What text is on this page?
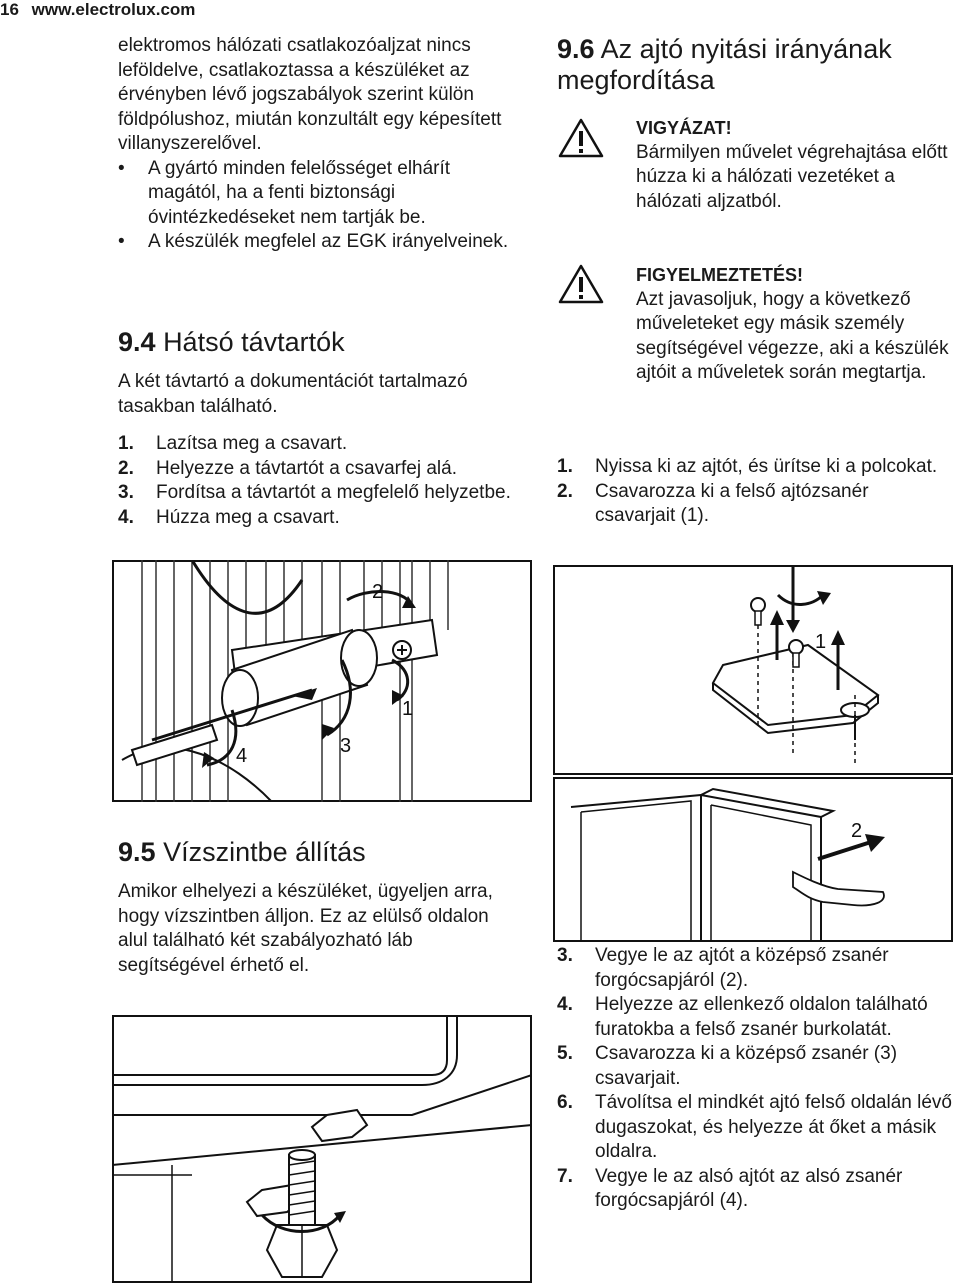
16 www.electrolux.com

elektromos hálózati csatlakozóaljzat nincs leföldelve, csatlakoztassa a készüléket az érvényben lévő jogszabályok szerint külön földpólushoz, miután konzultált egy képesített villanyszerelővel.

• A gyártó minden felelősséget elhárít magától, ha a fenti biztonsági óvintézkedéseket nem tartják be.
• A készülék megfelel az EGK irányelveinek.
9.4 Hátsó távtartók

A két távtartó a dokumentációt tartalmazó tasakban található.

1. Lazítsa meg a csavart.
2. Helyezze a távtartót a csavarfej alá.
3. Fordítsa a távtartót a megfelelő helyzetbe.
4. Húzza meg a csavart.
2
1
3
4
9.5 Vízszintbe állítás

Amikor elhelyezi a készüléket, ügyeljen arra, hogy vízszintben álljon. Ez az elülső oldalon alul található két szabályozható láb segítségével érhető el.

9.6 Az ajtó nyitási irányának megfordítása
VIGYÁZAT!
Bármilyen művelet végrehajtása előtt húzza ki a hálózati vezetéket a hálózati aljzatból.
FIGYELMEZTETÉS!
Azt javasoljuk, hogy a következő műveleteket egy másik személy segítségével végezze, aki a készülék ajtóit a műveletek során megtartja.
1. Nyissa ki az ajtót, és ürítse ki a polcokat.
2. Csavarozza ki a felső ajtózsanér csavarjait (1).
1
2
3. Vegye le az ajtót a középső zsanér forgócsapjáról (2).
4. Helyezze az ellenkező oldalon található furatokba a felső zsanér burkolatát.
5. Csavarozza ki a középső zsanér (3) csavarjait.
6. Távolítsa el mindkét ajtó felső oldalán lévő dugaszokat, és helyezze át őket a másik oldalra.
7. Vegye le az alsó ajtót az alsó zsanér forgócsapjáról (4).
